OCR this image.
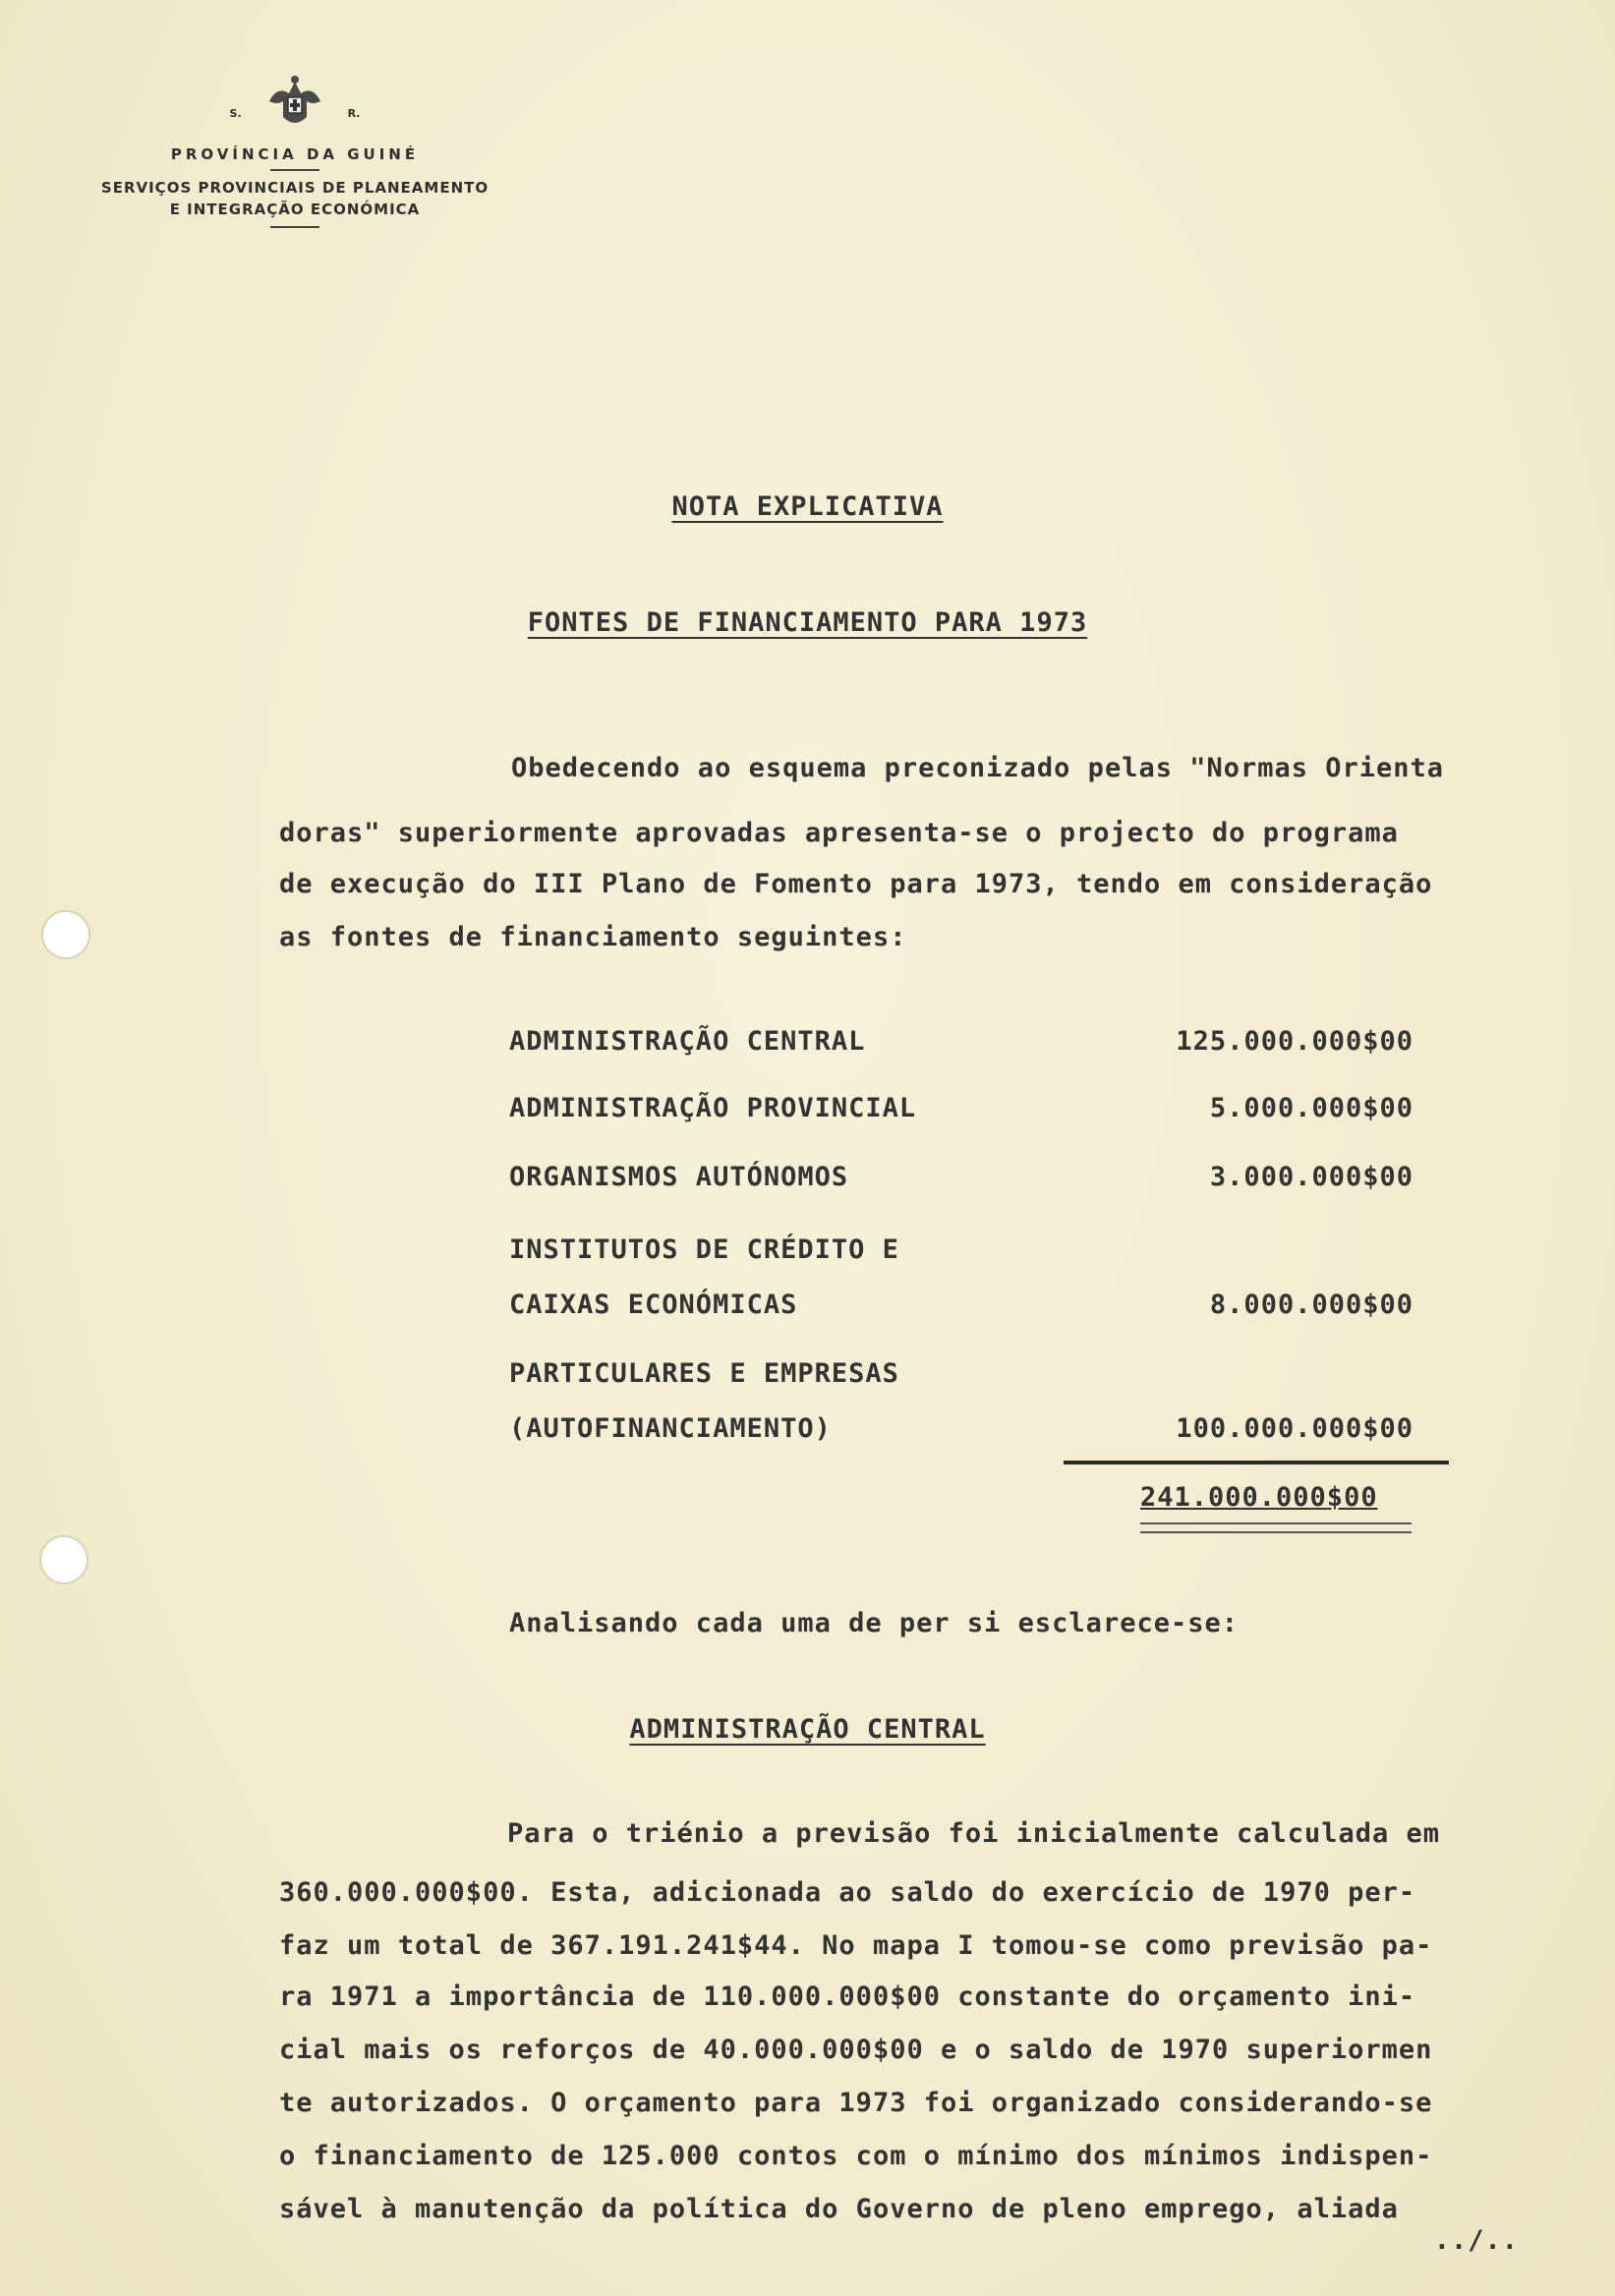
S.	R.
PROVÍNCIA DA GUINÉ
SERVIÇOS PROVINCIAIS DE PLANEAMENTO
E INTEGRAÇÃO ECONÓMICA
NOTA EXPLICATIVA
FONTES DE FINANCIAMENTO PARA 1973
Obedecendo ao esquema preconizado pelas "Normas Orienta
doras" superiormente aprovadas apresenta-se o projecto do programa
de execução do III Plano de Fomento para 1973, tendo em consideração
as fontes de financiamento seguintes:
ADMINISTRAÇÃO CENTRAL	125.000.000$00
ADMINISTRAÇÃO PROVINCIAL	5.000.000$00
ORGANISMOS AUTÓNOMOS	3.000.000$00
INSTITUTOS DE CRÉDITO E
CAIXAS ECONÓMICAS	8.000.000$00
PARTICULARES E EMPRESAS
(AUTOFINANCIAMENTO)	100.000.000$00
241.000.000$00
Analisando cada uma de per si esclarece-se:
ADMINISTRAÇÃO CENTRAL
Para o triénio a previsão foi inicialmente calculada em
360.000.000$00. Esta, adicionada ao saldo do exercício de 1970 per-
faz um total de 367.191.241$44. No mapa I tomou-se como previsão pa-
ra 1971 a importância de 110.000.000$00 constante do orçamento ini-
cial mais os reforços de 40.000.000$00 e o saldo de 1970 superiormen
te autorizados. O orçamento para 1973 foi organizado considerando-se
o financiamento de 125.000 contos com o mínimo dos mínimos indispen-
sável à manutenção da política do Governo de pleno emprego, aliada
../..
